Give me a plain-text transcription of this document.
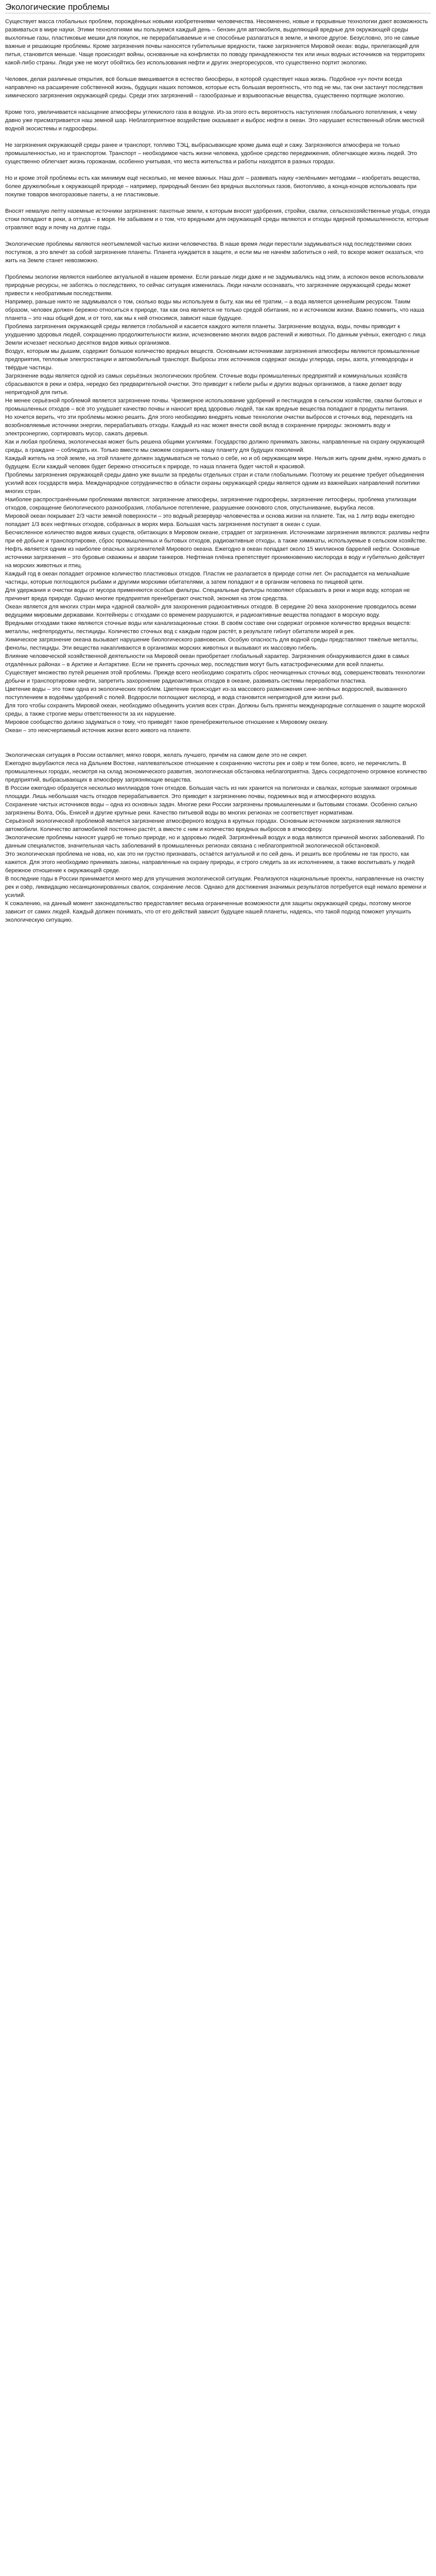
Экологические проблемы

Существует масса глобальных проблем, порождённых новыми изобретениями человечества. Несомненно, новые и прорывные технологии дают возможность развиваться в мире науки. Этими технологиями мы пользуемся каждый день – бензин для автомобиля, выделяющий вредные для окружающей среды выхлопные газы, пластиковые мешки для покупок, не перерабатываемые и не способные разлагаться в земле, и многое другое. Безусловно, это не самые важные и решающие проблемы. Кроме загрязнения почвы наносятся губительные вредности, также загрязняется Мировой океан: воды, прилегающий для питья, становится меньше. Чаще происходят войны, основанные на конфликтах по поводу принадлежности тех или иных водных источников на территориях какой-либо страны. Люди уже не могут обойтись без использования нефти и других энергоресурсов, что существенно портит экологию.

Человек, делая различные открытия, всё больше вмешивается в естество биосферы, в которой существует наша жизнь. Подобное «у» почти всегда направлено на расширение собственной жизнь, будущих наших потомков, которые есть большая вероятность, что под не мы, так они застанут последствия химического загрязнения окружающей среды. Среди этих загрязнений – газообразные и взрывоопасные вещества, существенно портящие экологию.

Кроме того, увеличивается насыщение атмосферы углекислого газа в воздухе. Из-за этого есть вероятность наступления глобального потепления, к чему давно уже присматривается наш земной шар. Неблагоприятное воздействие оказывает и выброс нефти в океан. Это нарушает естественный облик местной водной экосистемы и гидросферы.

Не загрязнения окружающей среды ранее и транспорт, топливо ТЭЦ, выбрасывающие кроме дыма ещё и сажу. Загрязняются атмосфера не только промышленностью, но и транспортом. Транспорт – необходимое часть жизни человека, удобное средство передвижения, облегчающее жизнь людей. Это существенно облегчает жизнь горожанам, особенно учитывая, что места жительства и работы находятся в разных городах.

Но и кроме этой проблемы есть как минимум ещё несколько, не менее важных. Наш долг – развивать науку «зелёными» методами – изобретать вещества, более дружелюбные к окружающей природе – например, природный бензин без вредных выхлопных газов, биотопливо, а конца-концов использовать при покупке товаров многоразовые пакеты, а не пластиковые.

Вносят немалую лепту наземные источники загрязнения: пахотные земли, к которым вносят удобрения, стройки, свалки, сельскохозяйственные угодья, откуда стоки попадают в реки, а оттуда – в моря. Не забываем и о том, что вредными для окружающей среды являются и отходы ядерной промышленности, которые отравляют воду и почву на долгие годы.

Экологические проблемы являются неотъемлемой частью жизни человечества. В наше время люди перестали задумываться над последствиями своих поступков, а это влечёт за собой загрязнение планеты. Планета нуждается в защите, и если мы не начнём заботиться о ней, то вскоре может оказаться, что жить на Земле станет невозможно.

Проблемы экологии являются наиболее актуальной в нашем времени. Если раньше люди даже и не задумывались над этим, а испокон веков использовали природные ресурсы, не заботясь о последствиях, то сейчас ситуация изменилась. Люди начали осознавать, что загрязнение окружающей среды может привести к необратимым последствиям.

Например, раньше никто не задумывался о том, сколько воды мы используем в быту, как мы её тратим, – а вода является ценнейшим ресурсом. Таким образом, человек должен бережно относиться к природе, так как она является не только средой обитания, но и источником жизни. Важно помнить, что наша планета – это наш общий дом, и от того, как мы к ней относимся, зависит наше будущее.

Проблема загрязнения окружающей среды является глобальной и касается каждого жителя планеты. Загрязнение воздуха, воды, почвы приводит к ухудшению здоровья людей, сокращению продолжительности жизни, исчезновению многих видов растений и животных. По данным учёных, ежегодно с лица Земли исчезает несколько десятков видов живых организмов.

Воздух, которым мы дышим, содержит большое количество вредных веществ. Основными источниками загрязнения атмосферы являются промышленные предприятия, тепловые электростанции и автомобильный транспорт. Выбросы этих источников содержат оксиды углерода, серы, азота, углеводороды и твёрдые частицы.

Загрязнение воды является одной из самых серьёзных экологических проблем. Сточные воды промышленных предприятий и коммунальных хозяйств сбрасываются в реки и озёра, нередко без предварительной очистки. Это приводит к гибели рыбы и других водных организмов, а также делает воду непригодной для питья.

Не менее серьёзной проблемой является загрязнение почвы. Чрезмерное использование удобрений и пестицидов в сельском хозяйстве, свалки бытовых и промышленных отходов – всё это ухудшает качество почвы и наносит вред здоровью людей, так как вредные вещества попадают в продукты питания.

Но хочется верить, что эти проблемы можно решить. Для этого необходимо внедрять новые технологии очистки выбросов и сточных вод, переходить на возобновляемые источники энергии, перерабатывать отходы. Каждый из нас может внести свой вклад в сохранение природы: экономить воду и электроэнергию, сортировать мусор, сажать деревья.

Как и любая проблема, экологическая может быть решена общими усилиями. Государство должно принимать законы, направленные на охрану окружающей среды, а граждане – соблюдать их. Только вместе мы сможем сохранить нашу планету для будущих поколений.

Каждый житель на этой земле, на этой планете должен задумываться не только о себе, но и об окружающем мире. Нельзя жить одним днём, нужно думать о будущем. Если каждый человек будет бережно относиться к природе, то наша планета будет чистой и красивой.

Проблемы загрязнения окружающей среды давно уже вышли за пределы отдельных стран и стали глобальными. Поэтому их решение требует объединения усилий всех государств мира. Международное сотрудничество в области охраны окружающей среды является одним из важнейших направлений политики многих стран.

Наиболее распространёнными проблемами являются: загрязнение атмосферы, загрязнение гидросферы, загрязнение литосферы, проблема утилизации отходов, сокращение биологического разнообразия, глобальное потепление, разрушение озонового слоя, опустынивание, вырубка лесов.

Мировой океан покрывает 2/3 части земной поверхности – это водный резервуар человечества и основа жизни на планете. Так, на 1 литр воды ежегодно попадает 1/3 всех нефтяных отходов, собранных в морях мира. Большая часть загрязнения поступает в океан с суши.

Бесчисленное количество видов живых существ, обитающих в Мировом океане, страдает от загрязнения. Источниками загрязнения являются: разливы нефти при её добыче и транспортировке, сброс промышленных и бытовых отходов, радиоактивные отходы, а также химикаты, используемые в сельском хозяйстве.

Нефть является одним из наиболее опасных загрязнителей Мирового океана. Ежегодно в океан попадает около 15 миллионов баррелей нефти. Основные источники загрязнения – это буровые скважины и аварии танкеров. Нефтяная плёнка препятствует проникновению кислорода в воду и губительно действует на морских животных и птиц.

Каждый год в океан попадает огромное количество пластиковых отходов. Пластик не разлагается в природе сотни лет. Он распадается на мельчайшие частицы, которые поглощаются рыбами и другими морскими обитателями, а затем попадают и в организм человека по пищевой цепи.

Для удержания и очистки воды от мусора применяются особые фильтры. Специальные фильтры позволяют сбрасывать в реки и моря воду, которая не причинит вреда природе. Однако многие предприятия пренебрегают очисткой, экономя на этом средства.

Океан является для многих стран мира «дарной свалкой» для захоронения радиоактивных отходов. В середине 20 века захоронение проводилось всеми ведущими мировыми державами. Контейнеры с отходами со временем разрушаются, и радиоактивные вещества попадают в морскую воду.

Вредными отходами также являются сточные воды или канализационные стоки. В своём составе они содержат огромное количество вредных веществ: металлы, нефтепродукты, пестициды. Количество сточных вод с каждым годом растёт, в результате гибнут обитатели морей и рек.

Химическое загрязнение океана вызывает нарушение биологического равновесия. Особую опасность для водной среды представляют тяжёлые металлы, фенолы, пестициды. Эти вещества накапливаются в организмах морских животных и вызывают их массовую гибель.

Влияние человеческой хозяйственной деятельности на Мировой океан приобретает глобальный характер. Загрязнения обнаруживаются даже в самых отдалённых районах – в Арктике и Антарктике. Если не принять срочных мер, последствия могут быть катастрофическими для всей планеты.

Существует множество путей решения этой проблемы. Прежде всего необходимо сократить сброс неочищенных сточных вод, совершенствовать технологии добычи и транспортировки нефти, запретить захоронение радиоактивных отходов в океане, развивать системы переработки пластика.

Цветение воды – это тоже одна из экологических проблем. Цветение происходит из-за массового размножения сине-зелёных водорослей, вызванного поступлением в водоёмы удобрений с полей. Водоросли поглощают кислород, и вода становится непригодной для жизни рыб.

Для того чтобы сохранить Мировой океан, необходимо объединить усилия всех стран. Должны быть приняты международные соглашения о защите морской среды, а также строгие меры ответственности за их нарушение.

Мировое сообщество должно задуматься о тому, что приведёт такое пренебрежительное отношение к Мировому океану.

Океан – это неисчерпаемый источник жизни всего живого на планете.

Экологическая ситуация в России оставляет, мягко говоря, желать лучшего, причём на самом деле это не секрет.

Ежегодно вырубаются леса на Дальнем Востоке, наплевательское отношение к сохранению чистоты рек и озёр и тем более, всего, не перечислить. В промышленных городах, несмотря на склад экономического развития, экологическая обстановка неблагоприятна. Здесь сосредоточено огромное количество предприятий, выбрасывающих в атмосферу загрязняющие вещества.

В России ежегодно образуется несколько миллиардов тонн отходов. Большая часть из них хранится на полигонах и свалках, которые занимают огромные площади. Лишь небольшая часть отходов перерабатывается. Это приводит к загрязнению почвы, подземных вод и атмосферного воздуха.

Сохранение чистых источников воды – одна из основных задач. Многие реки России загрязнены промышленными и бытовыми стоками. Особенно сильно загрязнены Волга, Обь, Енисей и другие крупные реки. Качество питьевой воды во многих регионах не соответствует нормативам.

Серьёзной экологической проблемой является загрязнение атмосферного воздуха в крупных городах. Основным источником загрязнения являются автомобили. Количество автомобилей постоянно растёт, а вместе с ним и количество вредных выбросов в атмосферу.

Экологические проблемы наносят ущерб не только природе, но и здоровью людей. Загрязнённый воздух и вода являются причиной многих заболеваний. По данным специалистов, значительная часть заболеваний в промышленных регионах связана с неблагоприятной экологической обстановкой.

Это экологическая проблема не нова, но, как это ни грустно признавать, остаётся актуальной и по сей день. И решить все проблемы не так просто, как кажется. Для этого необходимо принимать законы, направленные на охрану природы, и строго следить за их исполнением, а также воспитывать у людей бережное отношение к окружающей среде.

В последние годы в России принимается много мер для улучшения экологической ситуации. Реализуются национальные проекты, направленные на очистку рек и озёр, ликвидацию несанкционированных свалок, сохранение лесов. Однако для достижения значимых результатов потребуется ещё немало времени и усилий.

К сожалению, на данный момент законодательство предоставляет весьма ограниченные возможности для защиты окружающей среды, поэтому многое зависит от самих людей. Каждый должен понимать, что от его действий зависит будущее нашей планеты, надеясь, что такой подход поможет улучшить экологическую ситуацию.
